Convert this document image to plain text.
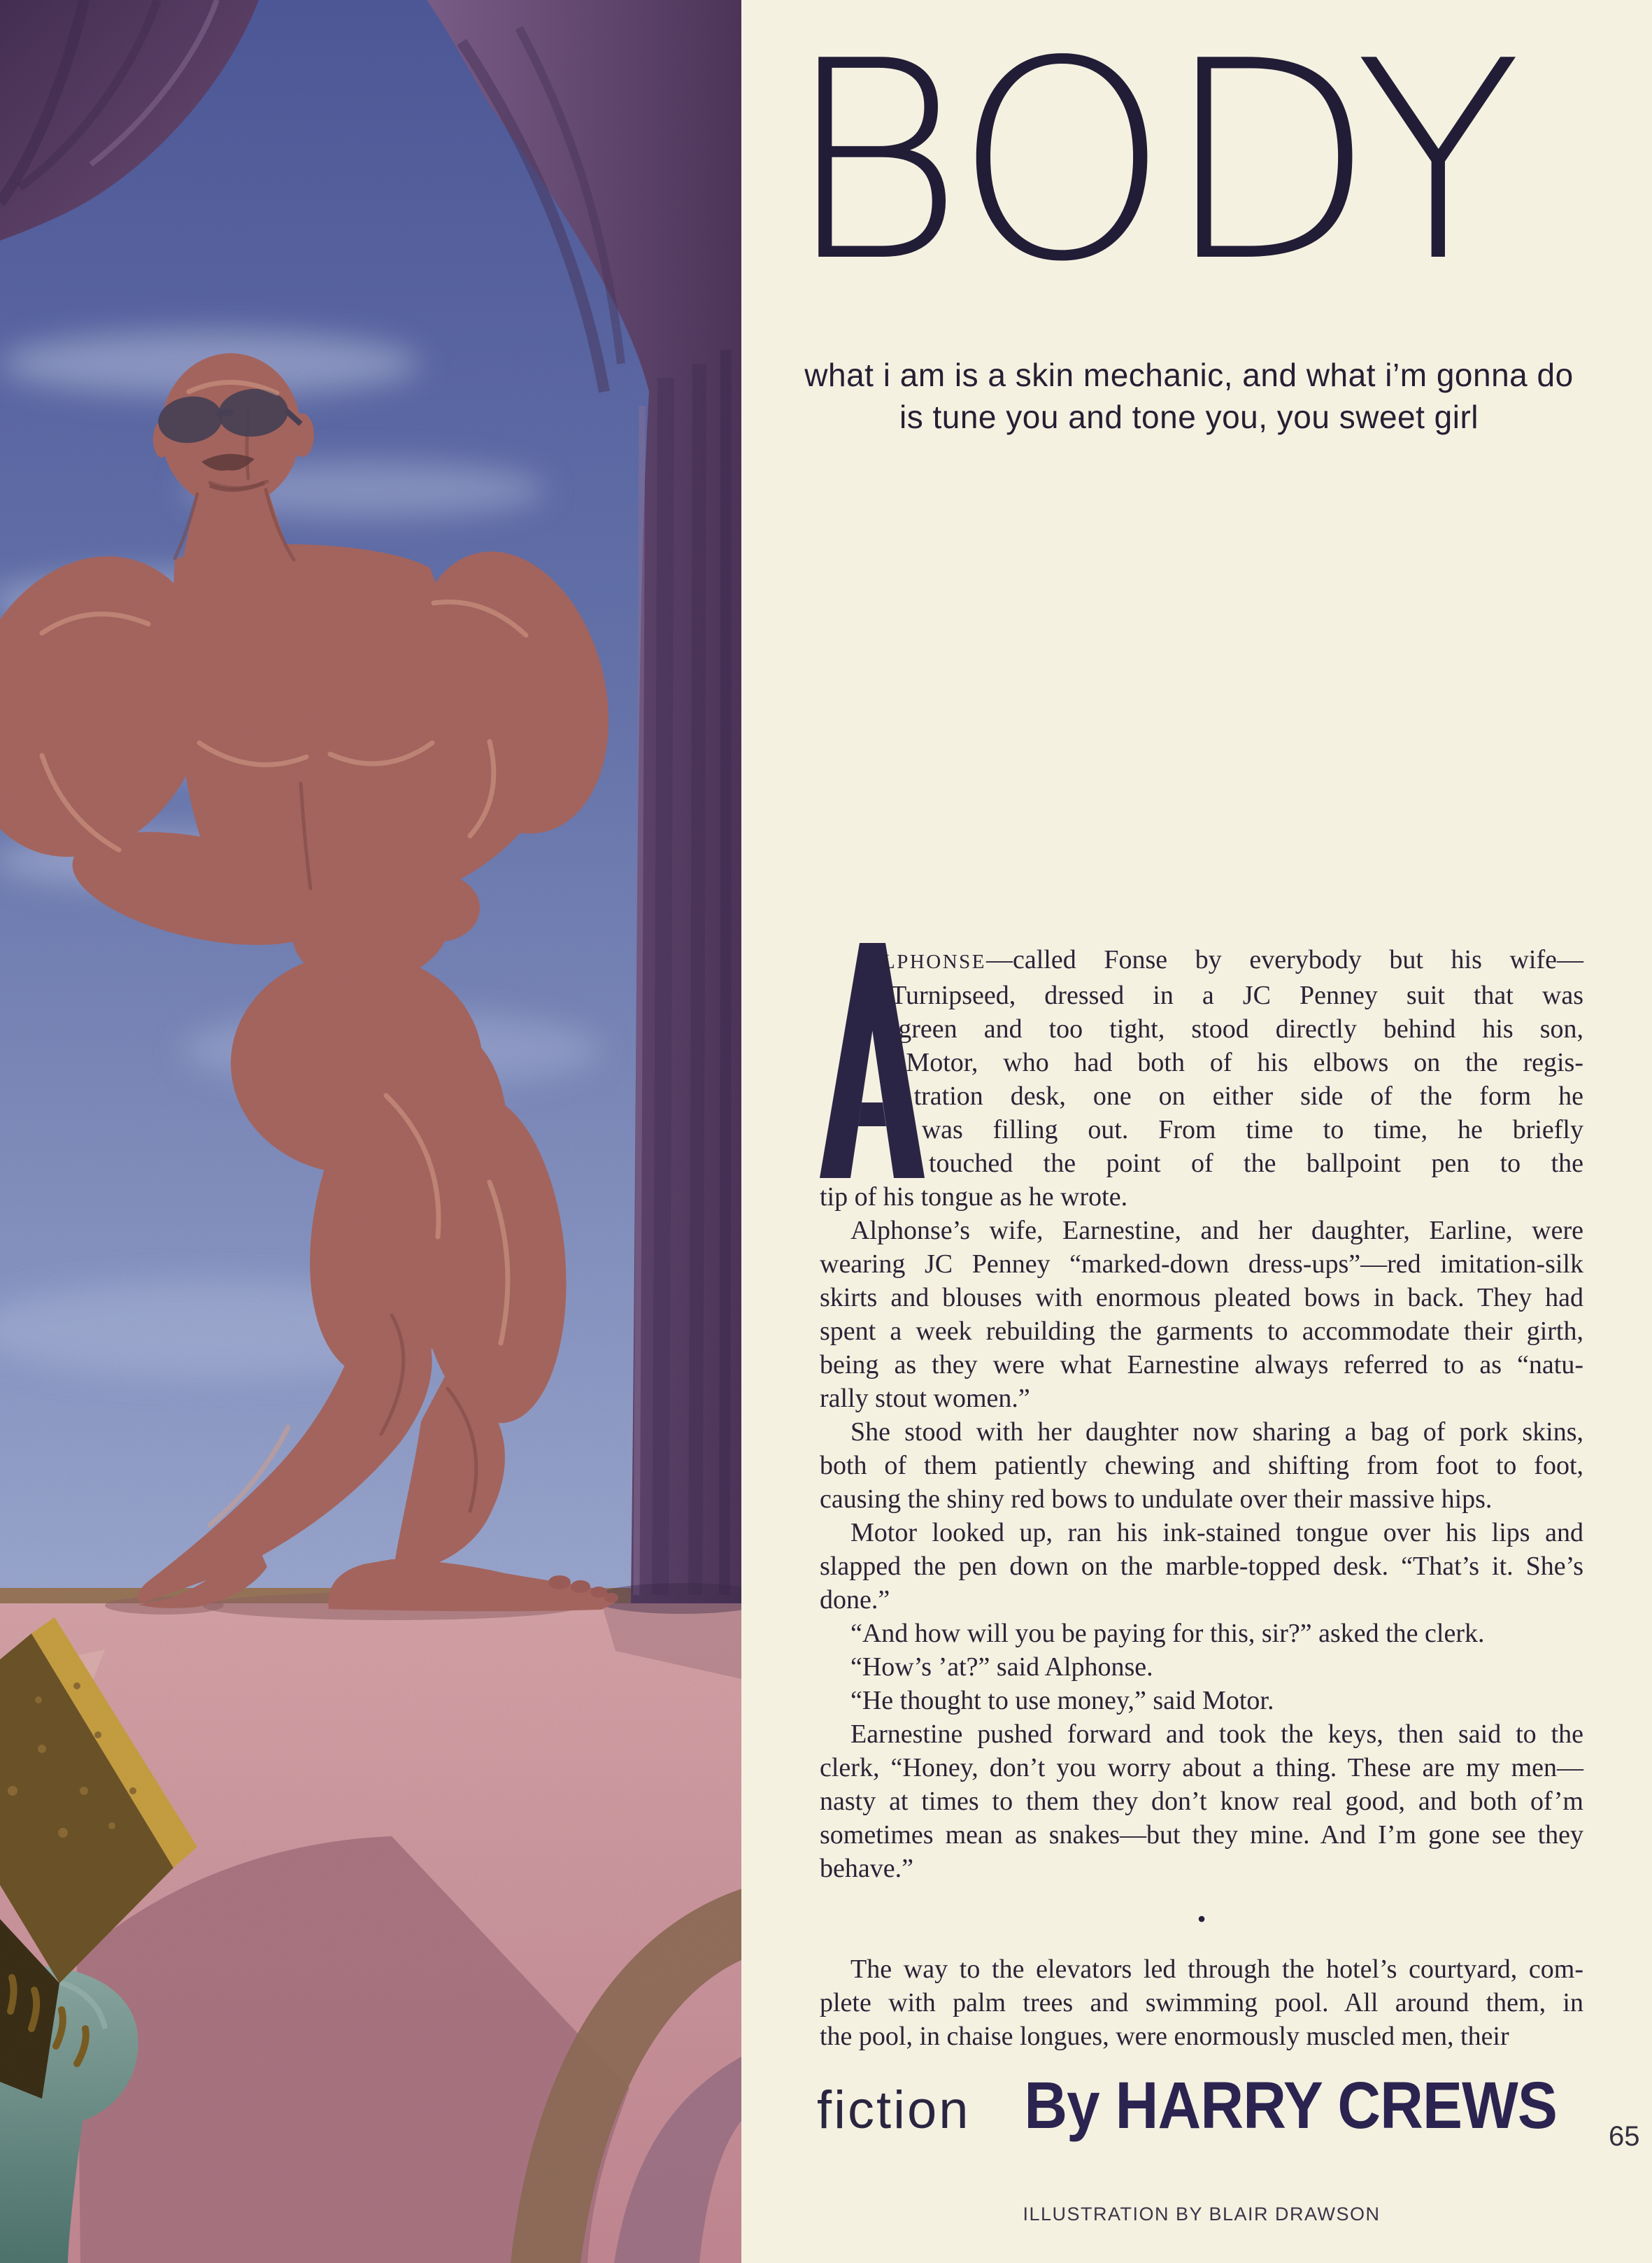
BODY
what i am is a skin mechanic, and what i’m gonna do
is tune you and tone you, you sweet girl
LPHONSE—called Fonse by everybody but his wife—
Turnipseed, dressed in a JC Penney suit that was
green and too tight, stood directly behind his son,
Motor, who had both of his elbows on the regis-
tration desk, one on either side of the form he
was filling out. From time to time, he briefly
touched the point of the ballpoint pen to the
tip of his tongue as he wrote.
Alphonse’s wife, Earnestine, and her daughter, Earline, were
wearing JC Penney “marked-down dress-ups”—red imitation-silk
skirts and blouses with enormous pleated bows in back. They had
spent a week rebuilding the garments to accommodate their girth,
being as they were what Earnestine always referred to as “natu-
rally stout women.”
She stood with her daughter now sharing a bag of pork skins,
both of them patiently chewing and shifting from foot to foot,
causing the shiny red bows to undulate over their massive hips.
Motor looked up, ran his ink-stained tongue over his lips and
slapped the pen down on the marble-topped desk. “That’s it. She’s
done.”
“And how will you be paying for this, sir?” asked the clerk.
“How’s ’at?” said Alphonse.
“He thought to use money,” said Motor.
Earnestine pushed forward and took the keys, then said to the
clerk, “Honey, don’t you worry about a thing. These are my men—
nasty at times to them they don’t know real good, and both of’m
sometimes mean as snakes—but they mine. And I’m gone see they
behave.”
•
The way to the elevators led through the hotel’s courtyard, com-
plete with palm trees and swimming pool. All around them, in
the pool, in chaise longues, were enormously muscled men, their
fiction By HARRY CREWS
ILLUSTRATION BY BLAIR DRAWSON
65
